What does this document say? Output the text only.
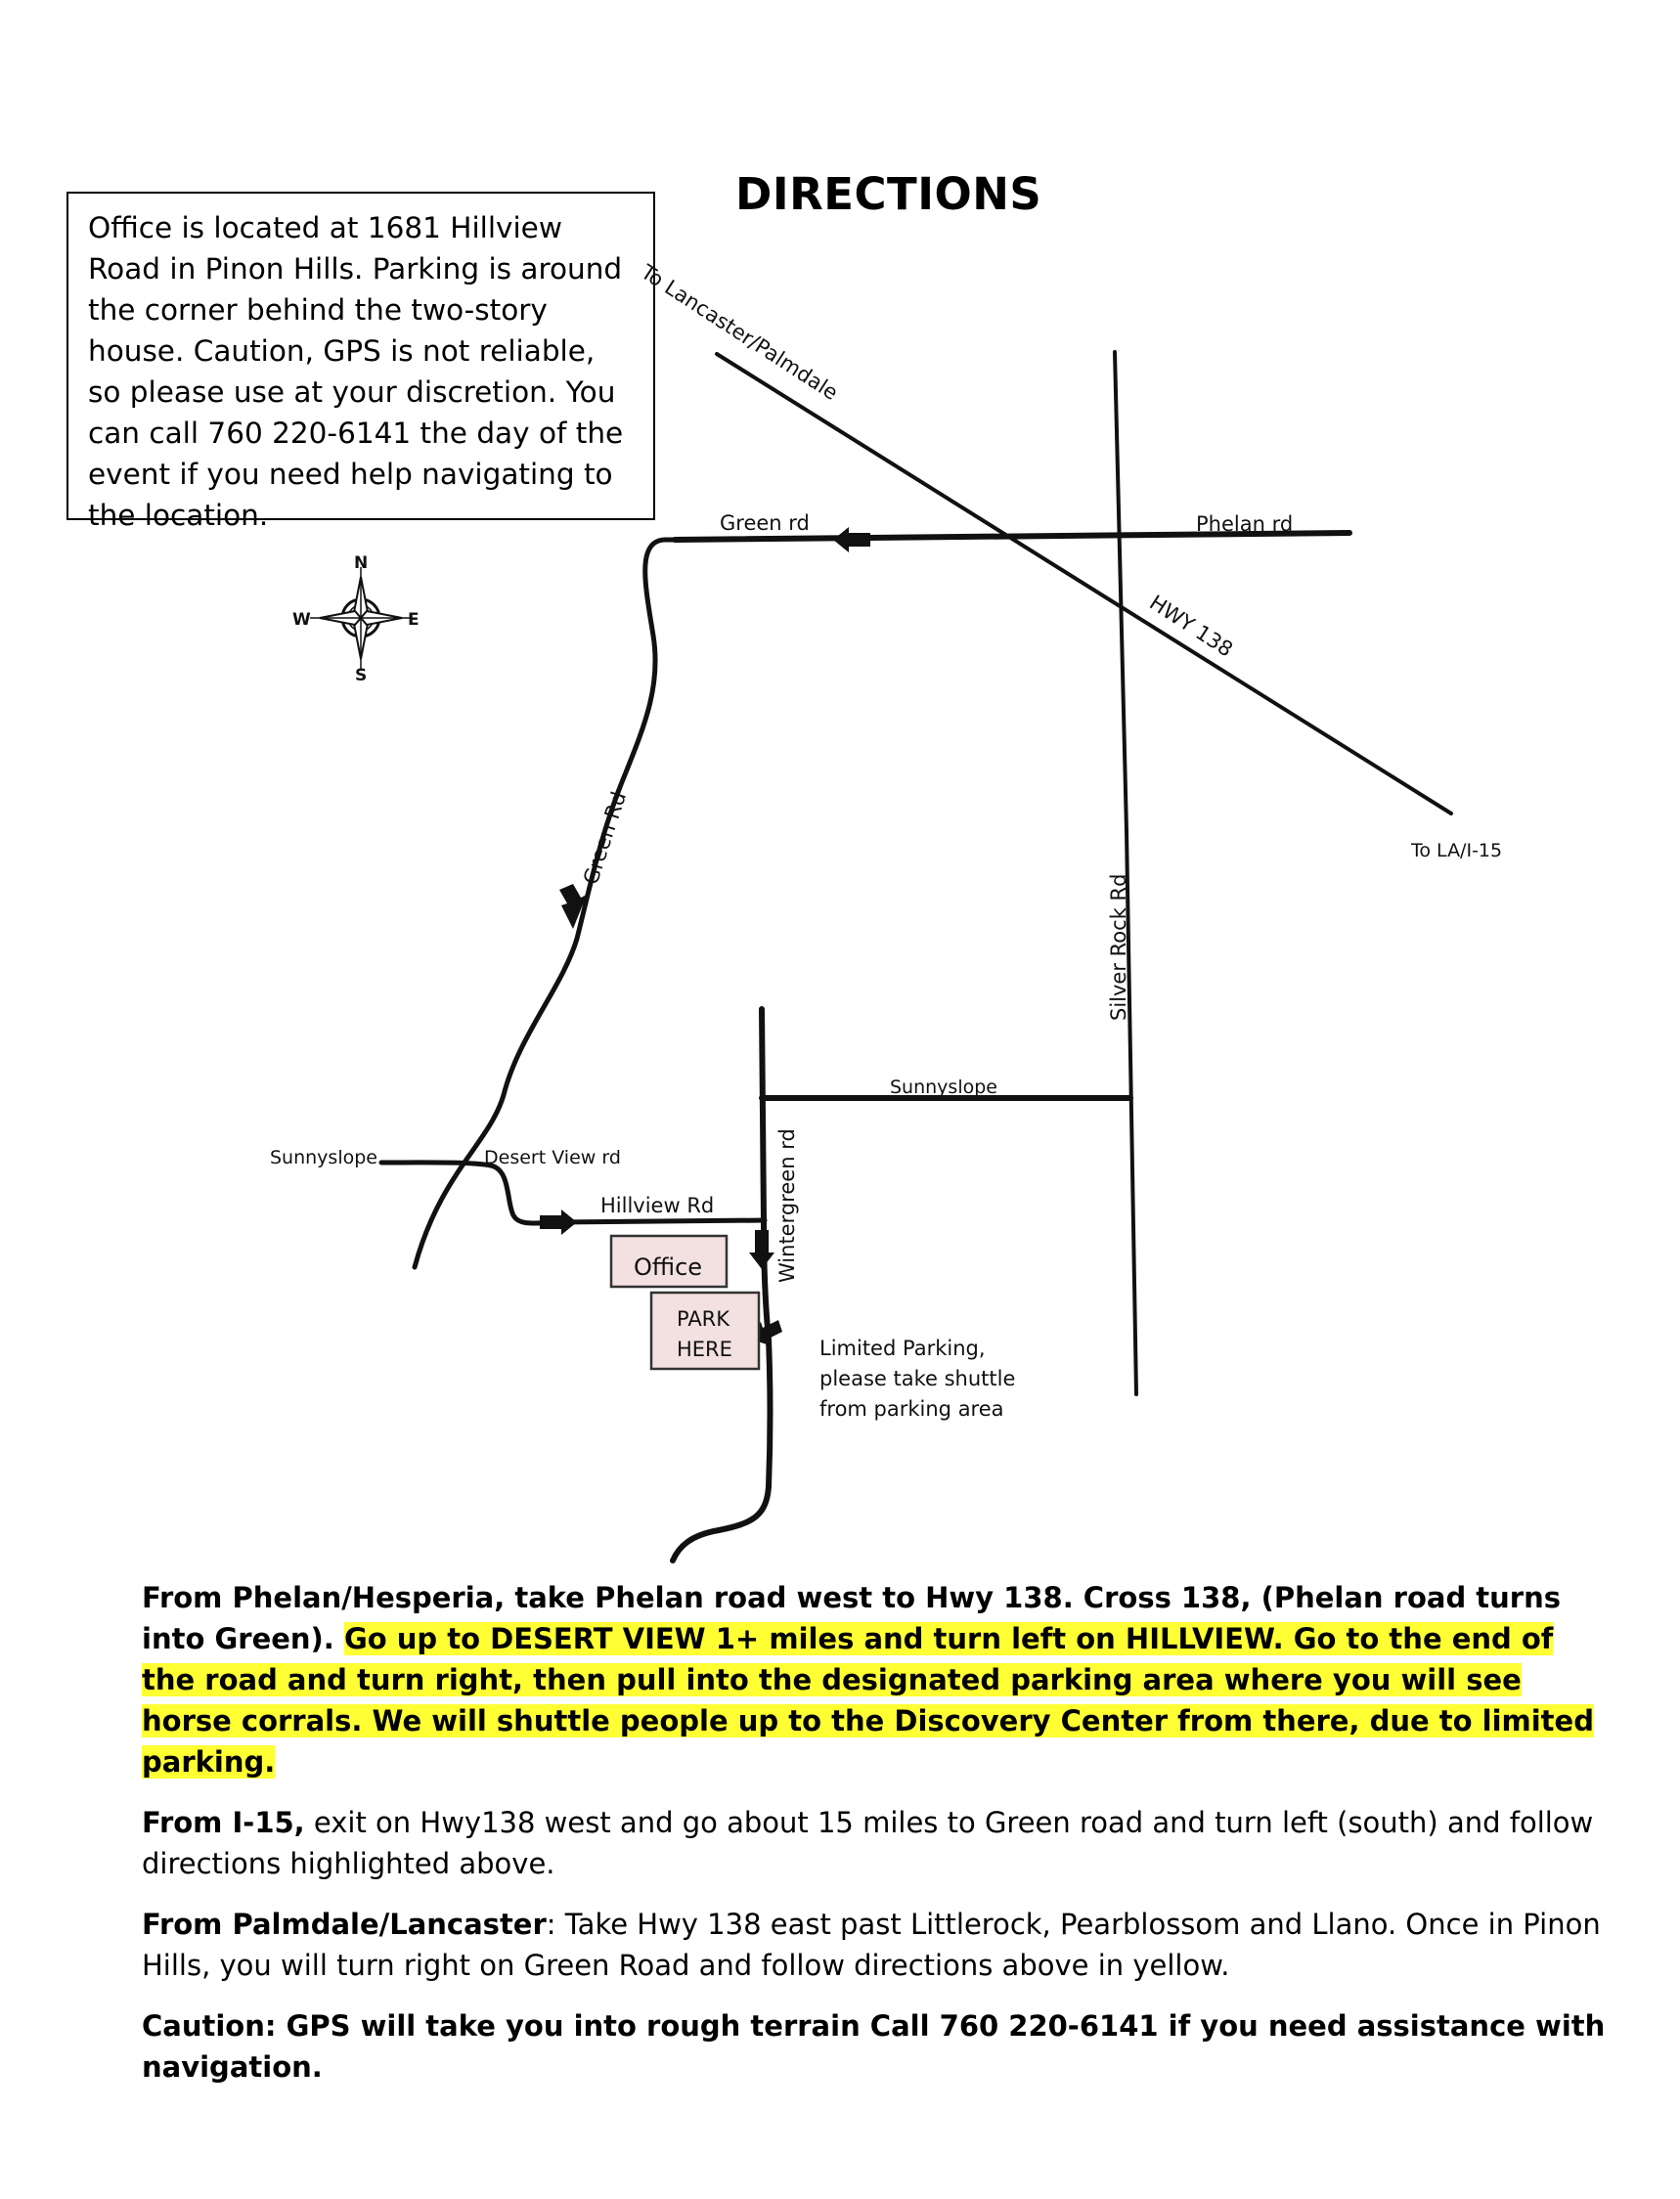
DIRECTIONS
Office is located at 1681 Hillview Road in Pinon Hills. Parking is around the corner behind the two-story house. Caution, GPS is not reliable, so please use at your discretion. You can call 760 220-6141 the day of the event if you need help navigating to the location.
N
S
W	E
To Lancaster/Palmdale
Green rd	Phelan rd
HWY 138
To LA/I-15
Green Rd
Silver Rock Rd
Sunnyslope
Sunnyslope	Desert View rd
Hillview Rd	Wintergreen rd
Office
PARK
HERE	Limited Parking,
please take shuttle
from parking area

From Phelan/Hesperia, take Phelan road west to Hwy 138. Cross 138, (Phelan road turns into Green). Go up to DESERT VIEW 1+ miles and turn left on HILLVIEW. Go to the end of the road and turn right, then pull into the designated parking area where you will see horse corrals. We will shuttle people up to the Discovery Center from there, due to limited parking.

From I-15, exit on Hwy138 west and go about 15 miles to Green road and turn left (south) and follow directions highlighted above.

From Palmdale/Lancaster: Take Hwy 138 east past Littlerock, Pearblossom and Llano. Once in Pinon Hills, you will turn right on Green Road and follow directions above in yellow.

Caution: GPS will take you into rough terrain Call 760 220-6141 if you need assistance with navigation.
